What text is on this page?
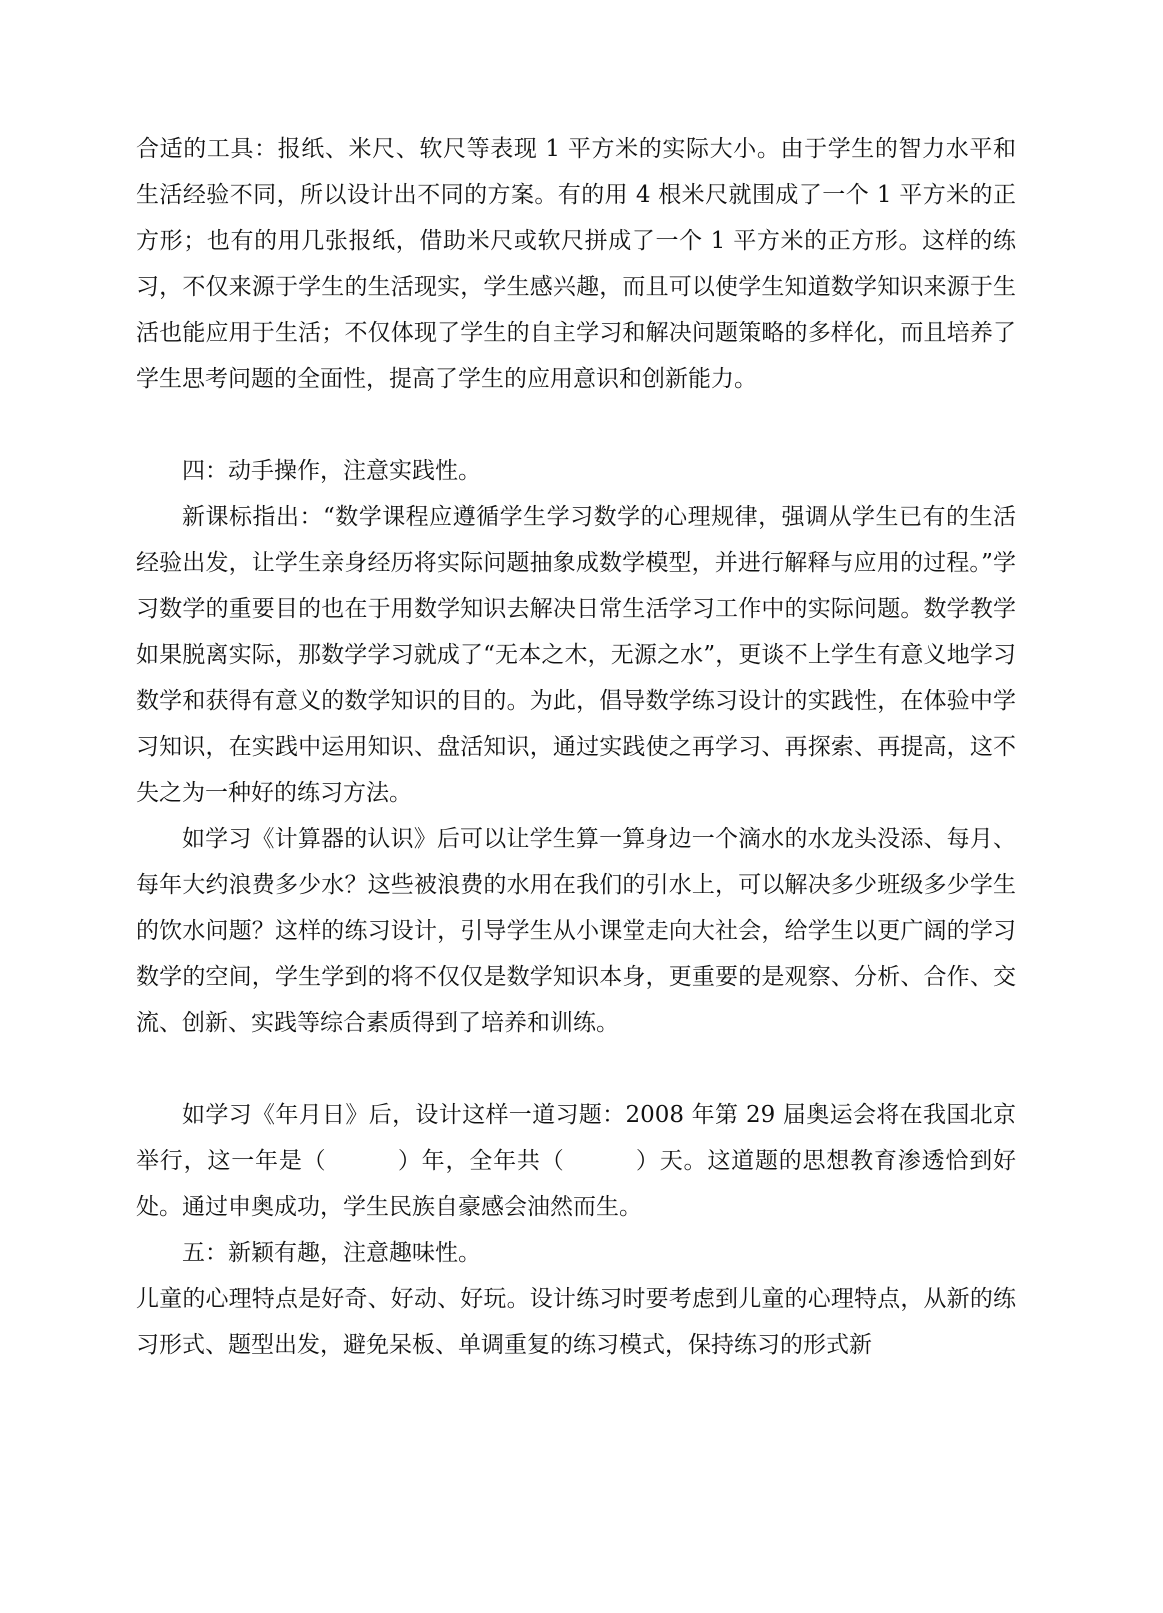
合适的工具：报纸、米尺、软尺等表现 1 平方米的实际大小。由于学生的智力水平和生活经验不同，所以设计出不同的方案。有的用 4 根米尺就围成了一个 1 平方米的正方形；也有的用几张报纸，借助米尺或软尺拼成了一个 1 平方米的正方形。这样的练习，不仅来源于学生的生活现实，学生感兴趣，而且可以使学生知道数学知识来源于生活也能应用于生活；不仅体现了学生的自主学习和解决问题策略的多样化，而且培养了学生思考问题的全面性，提高了学生的应用意识和创新能力。

四：动手操作，注意实践性。

新课标指出：“数学课程应遵循学生学习数学的心理规律，强调从学生已有的生活经验出发，让学生亲身经历将实际问题抽象成数学模型，并进行解释与应用的过程。”学习数学的重要目的也在于用数学知识去解决日常生活学习工作中的实际问题。数学教学如果脱离实际，那数学学习就成了“无本之木，无源之水”，更谈不上学生有意义地学习数学和获得有意义的数学知识的目的。为此，倡导数学练习设计的实践性，在体验中学习知识，在实践中运用知识、盘活知识，通过实践使之再学习、再探索、再提高，这不失之为一种好的练习方法。

如学习《计算器的认识》后可以让学生算一算身边一个滴水的水龙头没添、每月、每年大约浪费多少水？这些被浪费的水用在我们的引水上，可以解决多少班级多少学生的饮水问题？这样的练习设计，引导学生从小课堂走向大社会，给学生以更广阔的学习数学的空间，学生学到的将不仅仅是数学知识本身，更重要的是观察、分析、合作、交流、创新、实践等综合素质得到了培养和训练。

如学习《年月日》后，设计这样一道习题：2008 年第 29 届奥运会将在我国北京举行，这一年是（　　　）年，全年共（　　　）天。这道题的思想教育渗透恰到好处。通过申奥成功，学生民族自豪感会油然而生。

五：新颖有趣，注意趣味性。

儿童的心理特点是好奇、好动、好玩。设计练习时要考虑到儿童的心理特点，从新的练习形式、题型出发，避免呆板、单调重复的练习模式，保持练习的形式新
